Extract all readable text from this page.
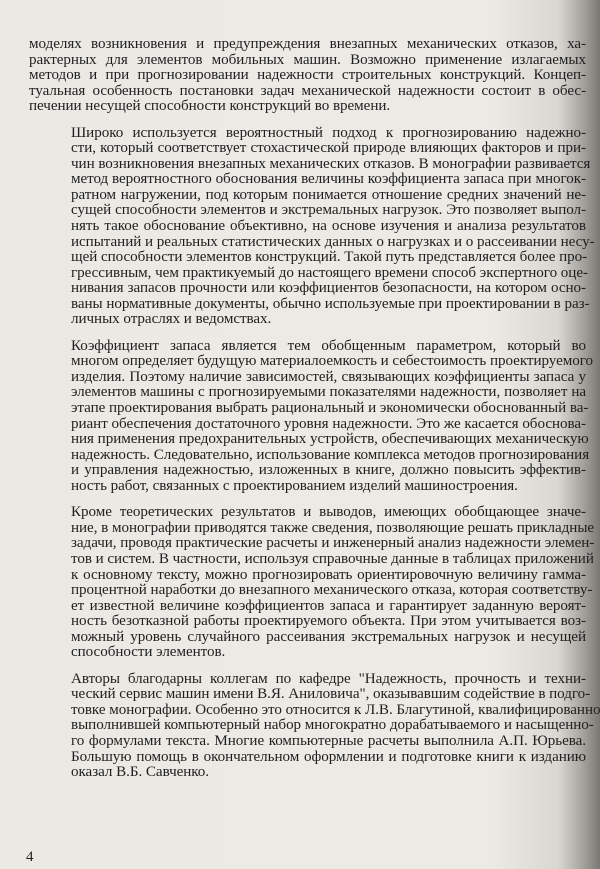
моделях возникновения и предупреждения внезапных механических отказов, ха-
рактерных для элементов мобильных машин. Возможно применение излагаемых
методов и при прогнозировании надежности строительных конструкций. Концеп-
туальная особенность постановки задач механической надежности состоит в обес-
печении несущей способности конструкций во времени.

Широко используется вероятностный подход к прогнозированию надежно-
сти, который соответствует стохастической природе влияющих факторов и при-
чин возникновения внезапных механических отказов. В монографии развивается
метод вероятностного обоснования величины коэффициента запаса при многок-
ратном нагружении, под которым понимается отношение средних значений не-
сущей способности элементов и экстремальных нагрузок. Это позволяет выпол-
нять такое обоснование объективно, на основе изучения и анализа результатов
испытаний и реальных статистических данных о нагрузках и о рассеивании несу-
щей способности элементов конструкций. Такой путь представляется более про-
грессивным, чем практикуемый до настоящего времени способ экспертного оце-
нивания запасов прочности или коэффициентов безопасности, на котором осно-
ваны нормативные документы, обычно используемые при проектировании в раз-
личных отраслях и ведомствах.

Коэффициент запаса является тем обобщенным параметром, который во
многом определяет будущую материалоемкость и себестоимость проектируемого
изделия. Поэтому наличие зависимостей, связывающих коэффициенты запаса у
элементов машины с прогнозируемыми показателями надежности, позволяет на
этапе проектирования выбрать рациональный и экономически обоснованный ва-
риант обеспечения достаточного уровня надежности. Это же касается обоснова-
ния применения предохранительных устройств, обеспечивающих механическую
надежность. Следовательно, использование комплекса методов прогнозирования
и управления надежностью, изложенных в книге, должно повысить эффектив-
ность работ, связанных с проектированием изделий машиностроения.

Кроме теоретических результатов и выводов, имеющих обобщающее значе-
ние, в монографии приводятся также сведения, позволяющие решать прикладные
задачи, проводя практические расчеты и инженерный анализ надежности элемен-
тов и систем. В частности, используя справочные данные в таблицах приложений
к основному тексту, можно прогнозировать ориентировочную величину гамма-
процентной наработки до внезапного механического отказа, которая соответству-
ет известной величине коэффициентов запаса и гарантирует заданную вероят-
ность безотказной работы проектируемого объекта. При этом учитывается воз-
можный уровень случайного рассеивания экстремальных нагрузок и несущей
способности элементов.

Авторы благодарны коллегам по кафедре "Надежность, прочность и техни-
ческий сервис машин имени В.Я. Аниловича", оказывавшим содействие в подго-
товке монографии. Особенно это относится к Л.В. Благутиной, квалифицированно
выполнившей компьютерный набор многократно дорабатываемого и насыщенно-
го формулами текста. Многие компьютерные расчеты выполнила А.П. Юрьева.
Большую помощь в окончательном оформлении и подготовке книги к изданию
оказал В.Б. Савченко.

4
